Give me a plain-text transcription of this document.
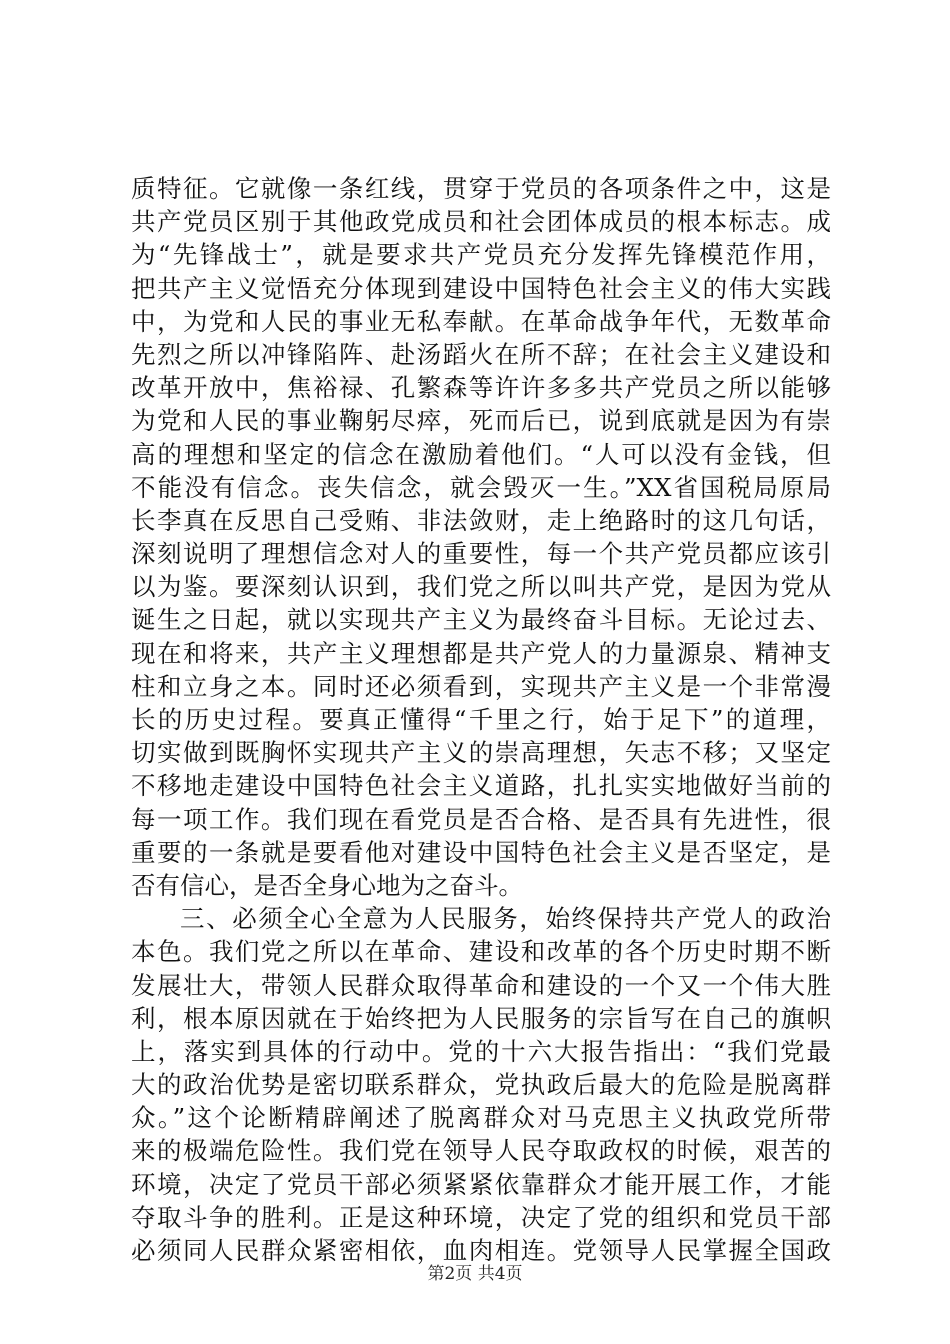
质特征。它就像一条红线，贯穿于党员的各项条件之中，这是
共产党员区别于其他政党成员和社会团体成员的根本标志。成
为“先锋战士”，就是要求共产党员充分发挥先锋模范作用，
把共产主义觉悟充分体现到建设中国特色社会主义的伟大实践
中，为党和人民的事业无私奉献。在革命战争年代，无数革命
先烈之所以冲锋陷阵、赴汤蹈火在所不辞；在社会主义建设和
改革开放中，焦裕禄、孔繁森等许许多多共产党员之所以能够
为党和人民的事业鞠躬尽瘁，死而后已，说到底就是因为有崇
高的理想和坚定的信念在激励着他们。“人可以没有金钱，但
不能没有信念。丧失信念，就会毁灭一生。”XX省国税局原局
长李真在反思自己受贿、非法敛财，走上绝路时的这几句话，
深刻说明了理想信念对人的重要性，每一个共产党员都应该引
以为鉴。要深刻认识到，我们党之所以叫共产党，是因为党从
诞生之日起，就以实现共产主义为最终奋斗目标。无论过去、
现在和将来，共产主义理想都是共产党人的力量源泉、精神支
柱和立身之本。同时还必须看到，实现共产主义是一个非常漫
长的历史过程。要真正懂得“千里之行，始于足下”的道理，
切实做到既胸怀实现共产主义的崇高理想，矢志不移；又坚定
不移地走建设中国特色社会主义道路，扎扎实实地做好当前的
每一项工作。我们现在看党员是否合格、是否具有先进性，很
重要的一条就是要看他对建设中国特色社会主义是否坚定，是
否有信心，是否全身心地为之奋斗。
三、必须全心全意为人民服务，始终保持共产党人的政治
本色。我们党之所以在革命、建设和改革的各个历史时期不断
发展壮大，带领人民群众取得革命和建设的一个又一个伟大胜
利，根本原因就在于始终把为人民服务的宗旨写在自己的旗帜
上，落实到具体的行动中。党的十六大报告指出：“我们党最
大的政治优势是密切联系群众，党执政后最大的危险是脱离群
众。”这个论断精辟阐述了脱离群众对马克思主义执政党所带
来的极端危险性。我们党在领导人民夺取政权的时候，艰苦的
环境，决定了党员干部必须紧紧依靠群众才能开展工作，才能
夺取斗争的胜利。正是这种环境，决定了党的组织和党员干部
必须同人民群众紧密相依，血肉相连。党领导人民掌握全国政
第2页 共4页
